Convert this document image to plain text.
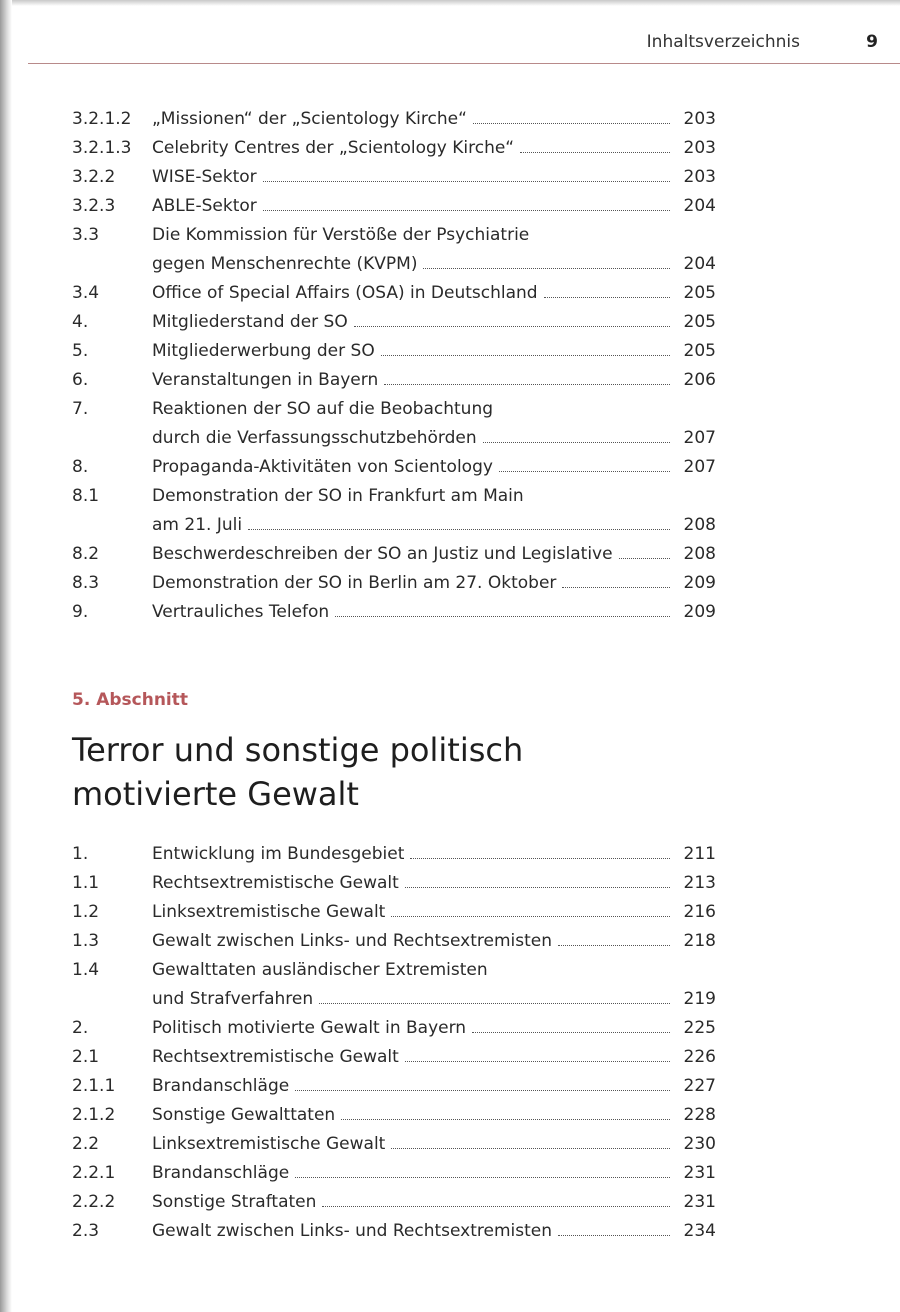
Inhaltsverzeichnis	9
3.2.1.2	„Missionen“ der „Scientology Kirche“	203
3.2.1.3	Celebrity Centres der „Scientology Kirche“	203
3.2.2	WISE-Sektor	203
3.2.3	ABLE-Sektor	204
3.3	Die Kommission für Verstöße der Psychiatrie
gegen Menschenrechte (KVPM)	204
3.4	Office of Special Affairs (OSA) in Deutschland	205
4.	Mitgliederstand der SO	205
5.	Mitgliederwerbung der SO	205
6.	Veranstaltungen in Bayern	206
7.	Reaktionen der SO auf die Beobachtung
durch die Verfassungsschutzbehörden	207
8.	Propaganda-Aktivitäten von Scientology	207
8.1	Demonstration der SO in Frankfurt am Main
am 21. Juli	208
8.2	Beschwerdeschreiben der SO an Justiz und Legislative	208
8.3	Demonstration der SO in Berlin am 27. Oktober	209
9.	Vertrauliches Telefon	209
5. Abschnitt
Terror und sonstige politisch motivierte Gewalt
1.	Entwicklung im Bundesgebiet	211
1.1	Rechtsextremistische Gewalt	213
1.2	Linksextremistische Gewalt	216
1.3	Gewalt zwischen Links- und Rechtsextremisten	218
1.4	Gewalttaten ausländischer Extremisten
und Strafverfahren	219
2.	Politisch motivierte Gewalt in Bayern	225
2.1	Rechtsextremistische Gewalt	226
2.1.1	Brandanschläge	227
2.1.2	Sonstige Gewalttaten	228
2.2	Linksextremistische Gewalt	230
2.2.1	Brandanschläge	231
2.2.2	Sonstige Straftaten	231
2.3	Gewalt zwischen Links- und Rechtsextremisten	234
